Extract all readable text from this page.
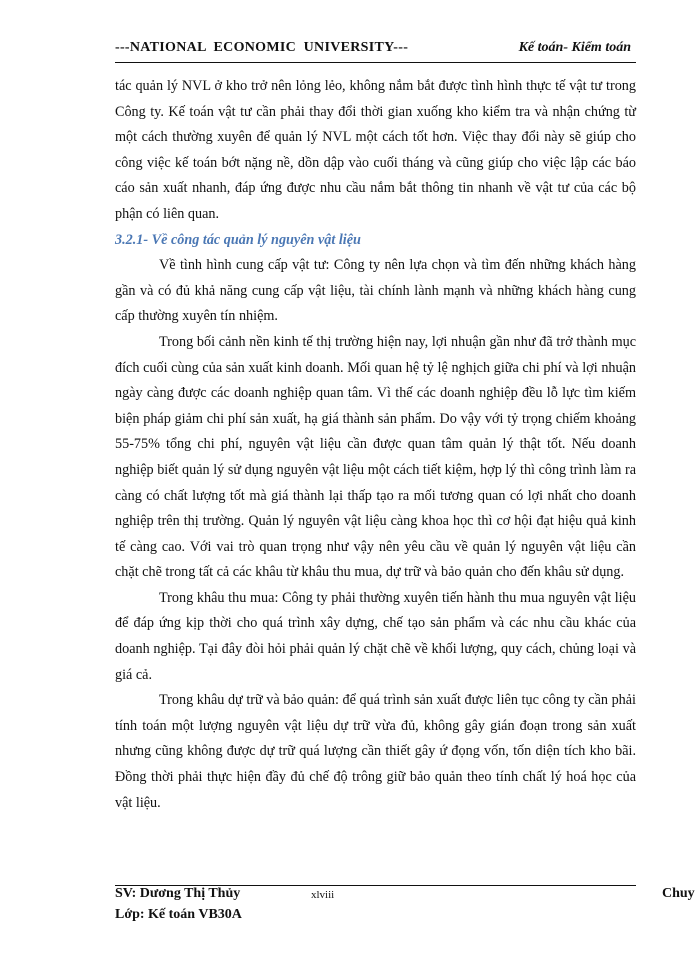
---NATIONAL  ECONOMIC  UNIVERSITY---	Kế toán- Kiểm toán

tác quản lý NVL ở kho trở nên lỏng lẻo, không nắm bắt được tình hình thực tế vật tư trong Công ty. Kế toán vật tư cần phải thay đổi thời gian xuống kho kiểm tra và nhận chứng từ một cách thường xuyên để quản lý NVL một cách tốt hơn. Việc thay đổi này sẽ giúp cho công việc kế toán bớt nặng nề, dồn dập vào cuối tháng và cũng giúp cho việc lập các báo cáo sản xuất nhanh, đáp ứng được nhu cầu nắm bắt thông tin nhanh về vật tư của các bộ phận có liên quan.

3.2.1- Về công tác quản lý nguyên vật liệu

Về tình hình cung cấp vật tư: Công ty nên lựa chọn và tìm đến những khách hàng gần và có đủ khả năng cung cấp vật liệu, tài chính lành mạnh và những khách hàng cung cấp thường xuyên tín nhiệm.

Trong bối cảnh nền kinh tế thị trường hiện nay, lợi nhuận gần như đã trở thành mục đích cuối cùng của sản xuất kinh doanh. Mối quan hệ tỷ lệ nghịch giữa chi phí và lợi nhuận ngày càng được các doanh nghiệp quan tâm. Vì thế các doanh nghiệp đều lỗ lực tìm kiếm biện pháp giảm chi phí sản xuất, hạ giá thành sản phẩm. Do vậy với tỷ trọng chiếm khoảng 55-75% tổng chi phí, nguyên vật liệu cần được quan tâm quản lý thật tốt. Nếu doanh nghiệp biết quản lý sử dụng nguyên vật liệu một cách tiết kiệm, hợp lý thì công trình làm ra càng có chất lượng tốt mà giá thành lại thấp tạo ra mối tương quan có lợi nhất cho doanh nghiệp trên thị trường. Quản lý nguyên vật liệu càng khoa học thì cơ hội đạt hiệu quả kinh tế càng cao. Với vai trò quan trọng như vậy nên yêu cầu về quản lý nguyên vật liệu cần chặt chẽ trong tất cả các khâu từ khâu thu mua, dự trữ và bảo quản cho đến khâu sử dụng.

Trong khâu thu mua: Công ty phải thường xuyên tiến hành thu mua nguyên vật liệu để đáp ứng kịp thời cho quá trình xây dựng, chế tạo sản phẩm và các nhu cầu khác của doanh nghiệp. Tại đây đòi hỏi phải quản lý chặt chẽ về khối lượng, quy cách, chủng loại và giá cả.

Trong khâu dự trữ và bảo quản: để quá trình sản xuất được liên tục công ty cần phải tính toán một lượng nguyên vật liệu dự trữ vừa đủ, không gây gián đoạn trong sản xuất nhưng cũng không được dự trữ quá lượng cần thiết gây ứ đọng vốn, tốn diện tích kho bãi. Đồng thời phải thực hiện đầy đủ chế độ trông giữ bảo quản theo tính chất lý hoá học của vật liệu.

SV: Dương Thị Thủy
Lớp: Kế toán VB30A
xlviii	Chuy
